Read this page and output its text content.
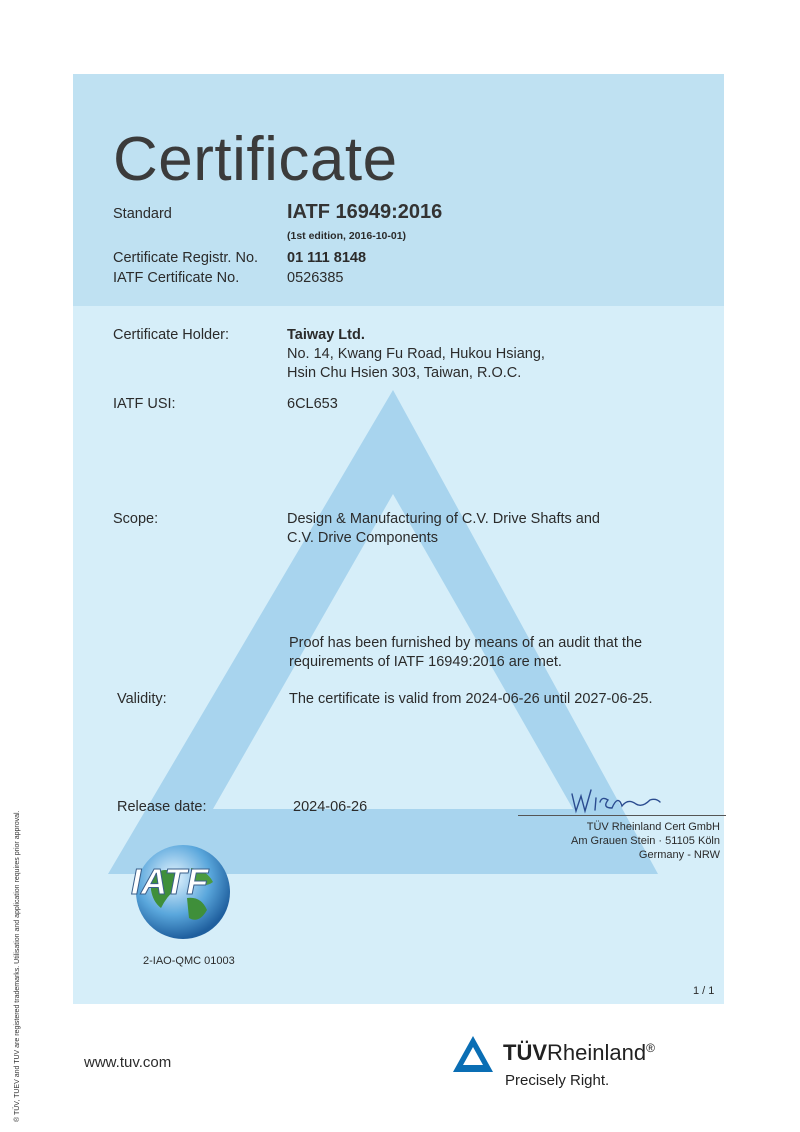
Certificate
Standard	IATF 16949:2016
(1st edition, 2016-10-01)
Certificate Registr. No. 01 111 8148
IATF Certificate No.	0526385
Certificate Holder:	Taiway Ltd.
No. 14, Kwang Fu Road, Hukou Hsiang,
Hsin Chu Hsien 303, Taiwan, R.O.C.
IATF USI:	6CL653
Scope:	Design & Manufacturing of C.V. Drive Shafts and
C.V. Drive Components
Proof has been furnished by means of an audit that the
requirements of IATF 16949:2016 are met.
Validity:	The certificate is valid from 2024-06-26 until 2027-06-25.
Release date:	2024-06-26
TÜV Rheinland Cert GmbH
Am Grauen Stein · 51105 Köln
Germany - NRW
IATF
2-IAO-QMC 01003
1 / 1
www.tuv.com	TÜVRheinland®
Precisely Right.
® TÜV, TUEV and TUV are registered trademarks. Utilisation and application requires prior approval.
